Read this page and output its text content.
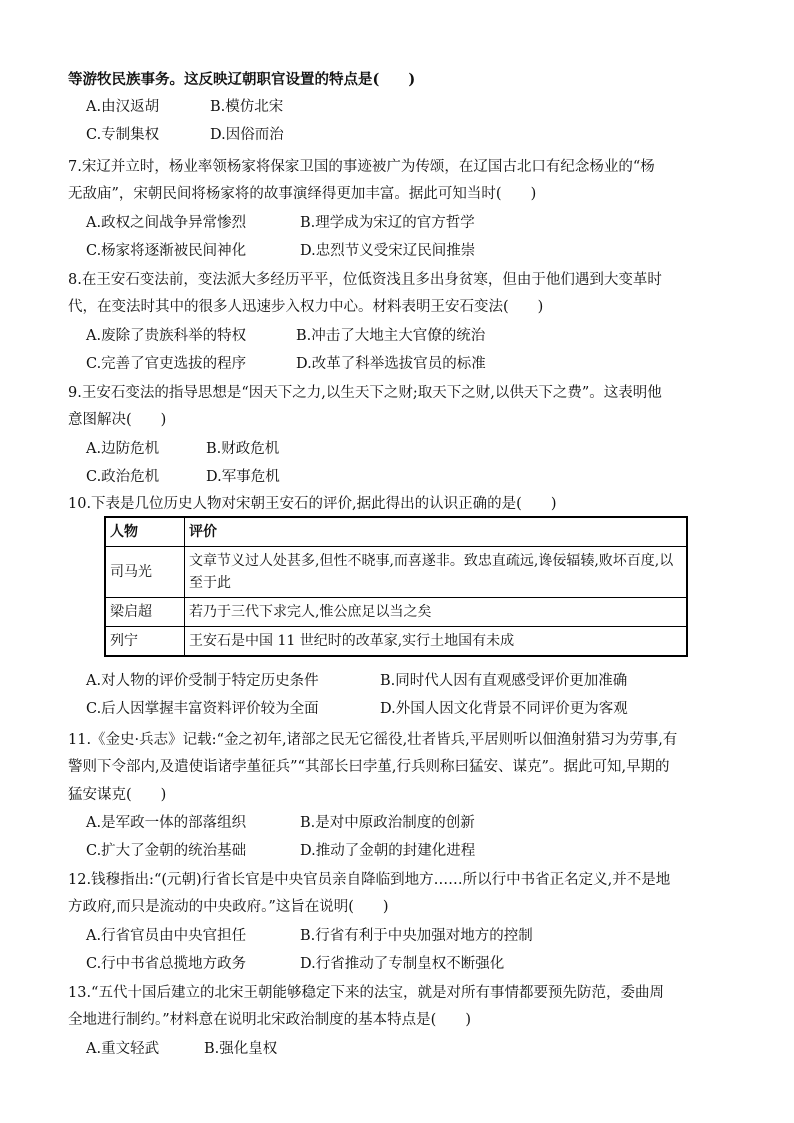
等游牧民族事务。这反映辽朝职官设置的特点是(　　)
A.由汉返胡	B.模仿北宋
C.专制集权	D.因俗而治
7.宋辽并立时，杨业率领杨家将保家卫国的事迹被广为传颂，在辽国古北口有纪念杨业的“杨
无敌庙”，宋朝民间将杨家将的故事演绎得更加丰富。据此可知当时(　　)
A.政权之间战争异常惨烈	B.理学成为宋辽的官方哲学
C.杨家将逐渐被民间神化	D.忠烈节义受宋辽民间推崇
8.在王安石变法前，变法派大多经历平平，位低资浅且多出身贫寒，但由于他们遇到大变革时
代，在变法时其中的很多人迅速步入权力中心。材料表明王安石变法(　　)
A.废除了贵族科举的特权	B.冲击了大地主大官僚的统治
C.完善了官吏选拔的程序	D.改革了科举选拔官员的标准
9.王安石变法的指导思想是“因天下之力,以生天下之财;取天下之财,以供天下之费”。这表明他
意图解决(　　)
A.边防危机	B.财政危机
C.政治危机	D.军事危机
10.下表是几位历史人物对宋朝王安石的评价,据此得出的认识正确的是(　　)
人物	评价
司马光	文章节义过人处甚多,但性不晓事,而喜遂非。致忠直疏远,谗佞辐辏,败坏百度,以至于此
梁启超	若乃于三代下求完人,惟公庶足以当之矣
列宁	王安石是中国 11 世纪时的改革家,实行土地国有未成
A.对人物的评价受制于特定历史条件	B.同时代人因有直观感受评价更加准确
C.后人因掌握丰富资料评价较为全面	D.外国人因文化背景不同评价更为客观
11.《金史·兵志》记载:“金之初年,诸部之民无它徭役,壮者皆兵,平居则听以佃渔射猎习为劳事,有
警则下令部内,及遣使诣诸孛堇征兵”“其部长曰孛堇,行兵则称曰猛安、谋克”。据此可知,早期的
猛安谋克(　　)
A.是军政一体的部落组织	B.是对中原政治制度的创新
C.扩大了金朝的统治基础	D.推动了金朝的封建化进程
12.钱穆指出:“(元朝)行省长官是中央官员亲自降临到地方……所以行中书省正名定义,并不是地
方政府,而只是流动的中央政府。”这旨在说明(　　)
A.行省官员由中央官担任	B.行省有利于中央加强对地方的控制
C.行中书省总揽地方政务	D.行省推动了专制皇权不断强化
13.“五代十国后建立的北宋王朝能够稳定下来的法宝，就是对所有事情都要预先防范，委曲周
全地进行制约。”材料意在说明北宋政治制度的基本特点是(　　)
A.重文轻武	B.强化皇权
